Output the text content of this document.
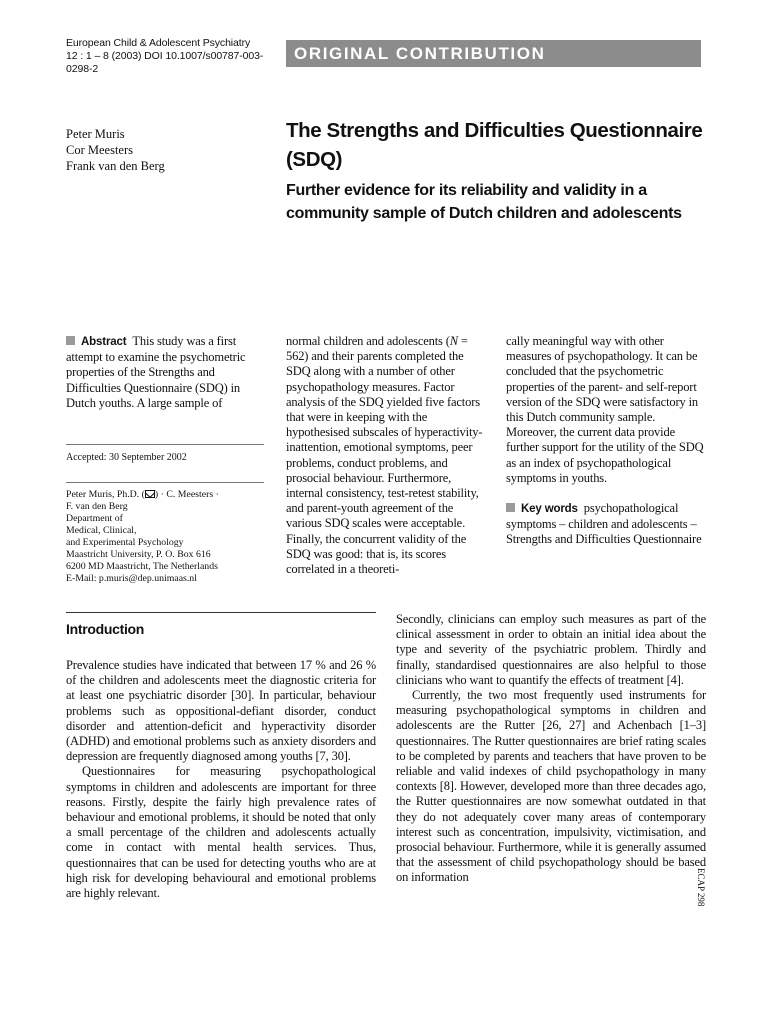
European Child & Adolescent Psychiatry
12 : 1 – 8 (2003) DOI 10.1007/s00787-003-0298-2
ORIGINAL CONTRIBUTION
Peter Muris
Cor Meesters
Frank van den Berg
The Strengths and Difficulties Questionnaire (SDQ)
Further evidence for its reliability and validity in a community sample of Dutch children and adolescents
Abstract This study was a first attempt to examine the psychometric properties of the Strengths and Difficulties Questionnaire (SDQ) in Dutch youths. A large sample of
Accepted: 30 September 2002
Peter Muris, Ph.D. ( ) · C. Meesters ·
F. van den Berg
Department of
Medical, Clinical,
and Experimental Psychology
Maastricht University, P. O. Box 616
6200 MD Maastricht, The Netherlands
E-Mail: p.muris@dep.unimaas.nl
normal children and adolescents (N = 562) and their parents completed the SDQ along with a number of other psychopathology measures. Factor analysis of the SDQ yielded five factors that were in keeping with the hypothesised subscales of hyperactivity-inattention, emotional symptoms, peer problems, conduct problems, and prosocial behaviour. Furthermore, internal consistency, test-retest stability, and parent-youth agreement of the various SDQ scales were acceptable. Finally, the concurrent validity of the SDQ was good: that is, its scores correlated in a theoreti-
cally meaningful way with other measures of psychopathology. It can be concluded that the psychometric properties of the parent- and self-report version of the SDQ were satisfactory in this Dutch community sample. Moreover, the current data provide further support for the utility of the SDQ as an index of psychopathological symptoms in youths.
Key words psychopathological symptoms – children and adolescents – Strengths and Difficulties Questionnaire
Introduction

Prevalence studies have indicated that between 17 % and 26 % of the children and adolescents meet the diagnostic criteria for at least one psychiatric disorder [30]. In particular, behaviour problems such as oppositional-defiant disorder, conduct disorder and attention-deficit and hyperactivity disorder (ADHD) and emotional problems such as anxiety disorders and depression are frequently diagnosed among youths [7, 30].

Questionnaires for measuring psychopathological symptoms in children and adolescents are important for three reasons. Firstly, despite the fairly high prevalence rates of behaviour and emotional problems, it should be noted that only a small percentage of the children and adolescents actually come in contact with mental health services. Thus, questionnaires that can be used for detecting youths who are at high risk for developing behavioural and emotional problems are highly relevant.

Secondly, clinicians can employ such measures as part of the clinical assessment in order to obtain an initial idea about the type and severity of the psychiatric problem. Thirdly and finally, standardised questionnaires are also helpful to those clinicians who want to quantify the effects of treatment [4].

Currently, the two most frequently used instruments for measuring psychopathological symptoms in children and adolescents are the Rutter [26, 27] and Achenbach [1–3] questionnaires. The Rutter questionnaires are brief rating scales to be completed by parents and teachers that have proven to be reliable and valid indexes of child psychopathology in many contexts [8]. However, developed more than three decades ago, the Rutter questionnaires are now somewhat outdated in that they do not adequately cover many areas of contemporary interest such as concentration, impulsivity, victimisation, and prosocial behaviour. Furthermore, while it is generally assumed that the assessment of child psychopathology should be based on information	ECAP 298
